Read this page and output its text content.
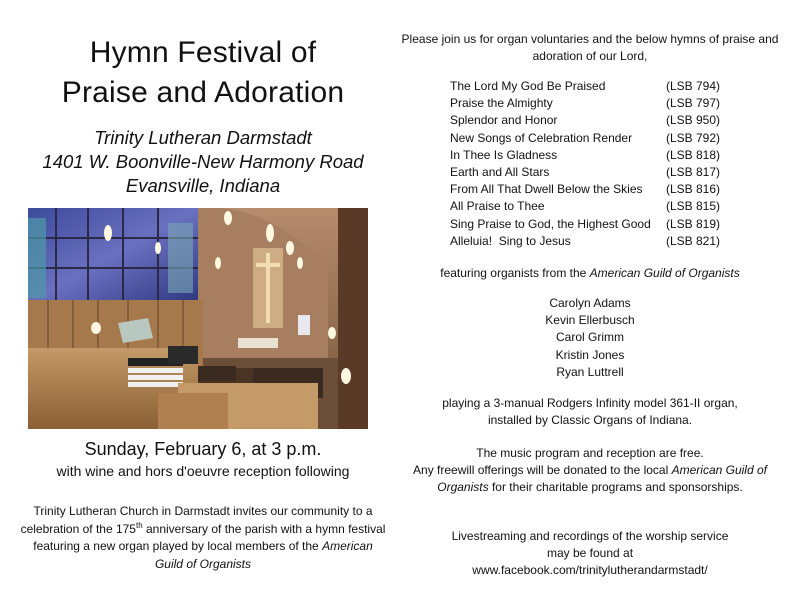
Hymn Festival of
Praise and Adoration
Trinity Lutheran Darmstadt
1401 W. Boonville-New Harmony Road
Evansville, Indiana
Sunday, February 6, at 3 p.m.
with wine and hors d'oeuvre reception following
Trinity Lutheran Church in Darmstadt invites our community to a celebration of the 175th anniversary of the parish with a hymn festival featuring a new organ played by local members of the American Guild of Organists
Please join us for organ voluntaries and the below hymns of praise and adoration of our Lord,
The Lord My God Be Praised	(LSB 794)
Praise the Almighty	(LSB 797)
Splendor and Honor	(LSB 950)
New Songs of Celebration Render	(LSB 792)
In Thee Is Gladness	(LSB 818)
Earth and All Stars	(LSB 817)
From All That Dwell Below the Skies	(LSB 816)
All Praise to Thee	(LSB 815)
Sing Praise to God, the Highest Good	(LSB 819)
Alleluia!  Sing to Jesus	(LSB 821)
featuring organists from the American Guild of Organists
Carolyn Adams
Kevin Ellerbusch
Carol Grimm
Kristin Jones
Ryan Luttrell
playing a 3-manual Rodgers Infinity model 361-II organ,
installed by Classic Organs of Indiana.
The music program and reception are free.
Any freewill offerings will be donated to the local American Guild of Organists for their charitable programs and sponsorships.
Livestreaming and recordings of the worship service
may be found at
www.facebook.com/trinitylutherandarmstadt/
